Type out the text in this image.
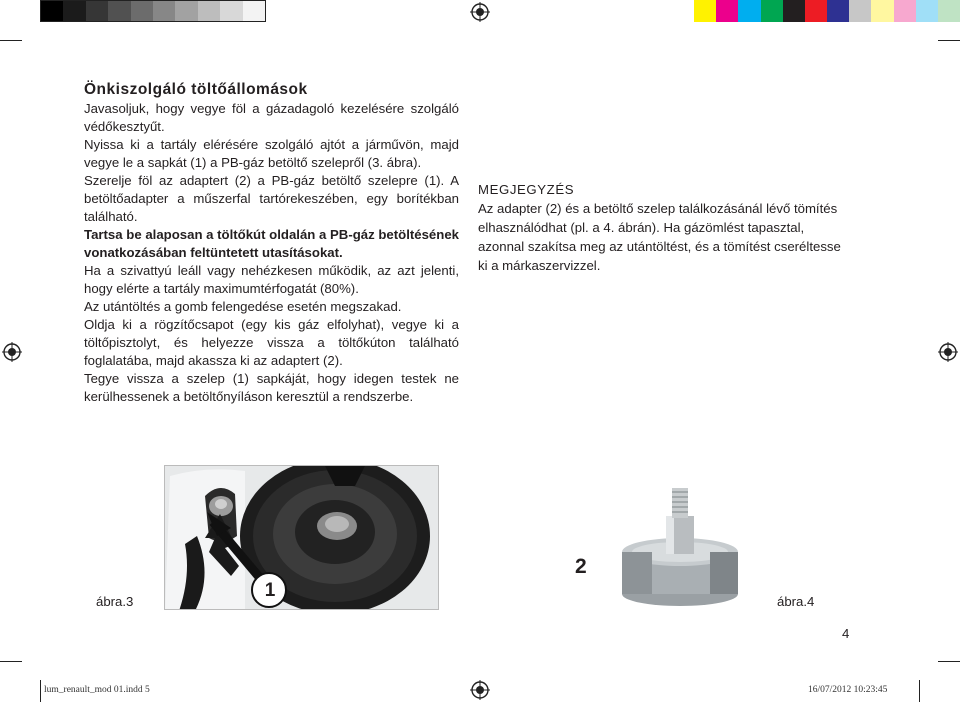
Önkiszolgáló töltőállomások

Javasoljuk, hogy vegye föl a gázadagoló kezelésére szolgáló védőkesztyűt.

Nyissa ki a tartály elérésére szolgáló ajtót a járművön, majd vegye le a sapkát (1) a PB-gáz betöltő szelepről (3. ábra).

Szerelje föl az adaptert (2) a PB-gáz betöltő szelepre (1). A betöltőadapter a műszerfal tartórekeszében, egy borítékban található.

Tartsa be alaposan a töltőkút oldalán a PB-gáz betöltésének vonatkozásában feltüntetett utasításokat.

Ha a szivattyú leáll vagy nehézkesen működik, az azt jelenti, hogy elérte a tartály maximumtérfogatát (80%).

Az utántöltés a gomb felengedése esetén megszakad.

Oldja ki a rögzítőcsapot (egy kis gáz elfolyhat), vegye ki a töltőpisztolyt, és helyezze vissza a töltőkúton található foglalatába, majd akassza ki az adaptert (2).

Tegye vissza a szelep (1) sapkáját, hogy idegen testek ne kerülhessenek a betöltőnyíláson keresztül a rendszerbe.

MEGJEGYZÉS

Az adapter (2) és a betöltő szelep találkozásánál lévő tömítés elhasználódhat (pl. a 4. ábrán). Ha gázömlést tapasztal, azonnal szakítsa meg az utántöltést, és a tömítést cseréltesse ki a márkaszervizzel.

1
ábra.3
2
ábra.4
4
lum_renault_mod 01.indd 5	16/07/2012 10:23:45
